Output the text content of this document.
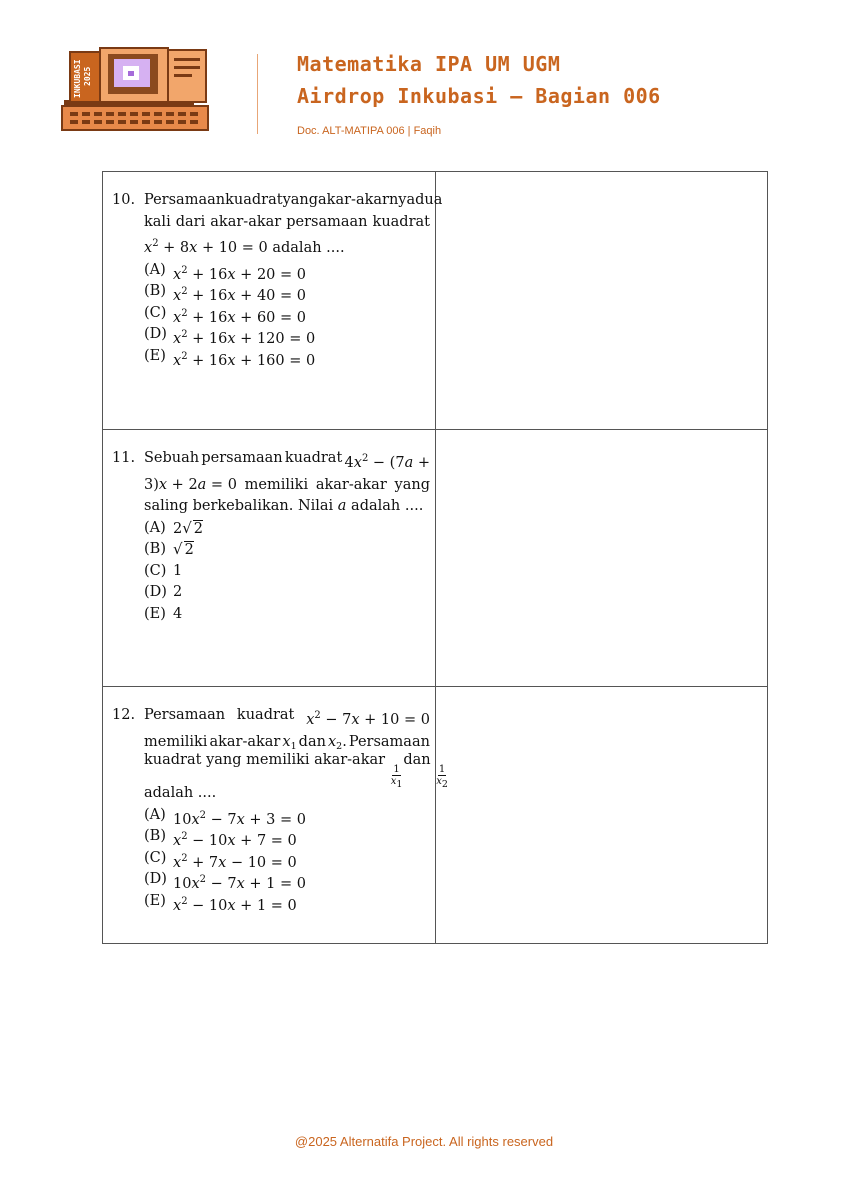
INKUBASI 2025
Matematika IPA UM UGM
Airdrop Inkubasi – Bagian 006
Doc. ALT-MATIPA 006 | Faqih
10. Persamaan kuadrat yang akar-akarnya dua
kali dari akar-akar persamaan kuadrat
$x^2 + 8x + 10 = 0$ adalah ....
(A) $x^2 + 16x + 20 = 0$
(B) $x^2 + 16x + 40 = 0$
(C) $x^2 + 16x + 60 = 0$
(D) $x^2 + 16x + 120 = 0$
(E) $x^2 + 16x + 160 = 0$
11. Sebuah persamaan kuadrat $4x^2 - (7a$ +
3)x + 2a = 0 memiliki akar-akar yang
saling berkebalikan. Nilai a adalah ....
(A) 2√ 2
(B) √ 2
(C) 1
(D) 2
(E) 4
12. Persamaan kuadrat $x^2 - 7x + 10 = 0$
memiliki akar-akar $x_1$ dan $x_2$. Persamaan
kuadrat yang memiliki akar-akar
$\frac{1}{x_1}$
dan
$\frac{1}{x_2}$
adalah ....
(A) $10x^2 - 7x + 3 = 0$
(B) $x^2 - 10x + 7 = 0$
(C) $x^2 + 7x - 10 = 0$
(D) $10x^2 - 7x + 1 = 0$
(E) $x^2 - 10x + 1 = 0$
@2025 Alternatifa Project. All rights reserved
